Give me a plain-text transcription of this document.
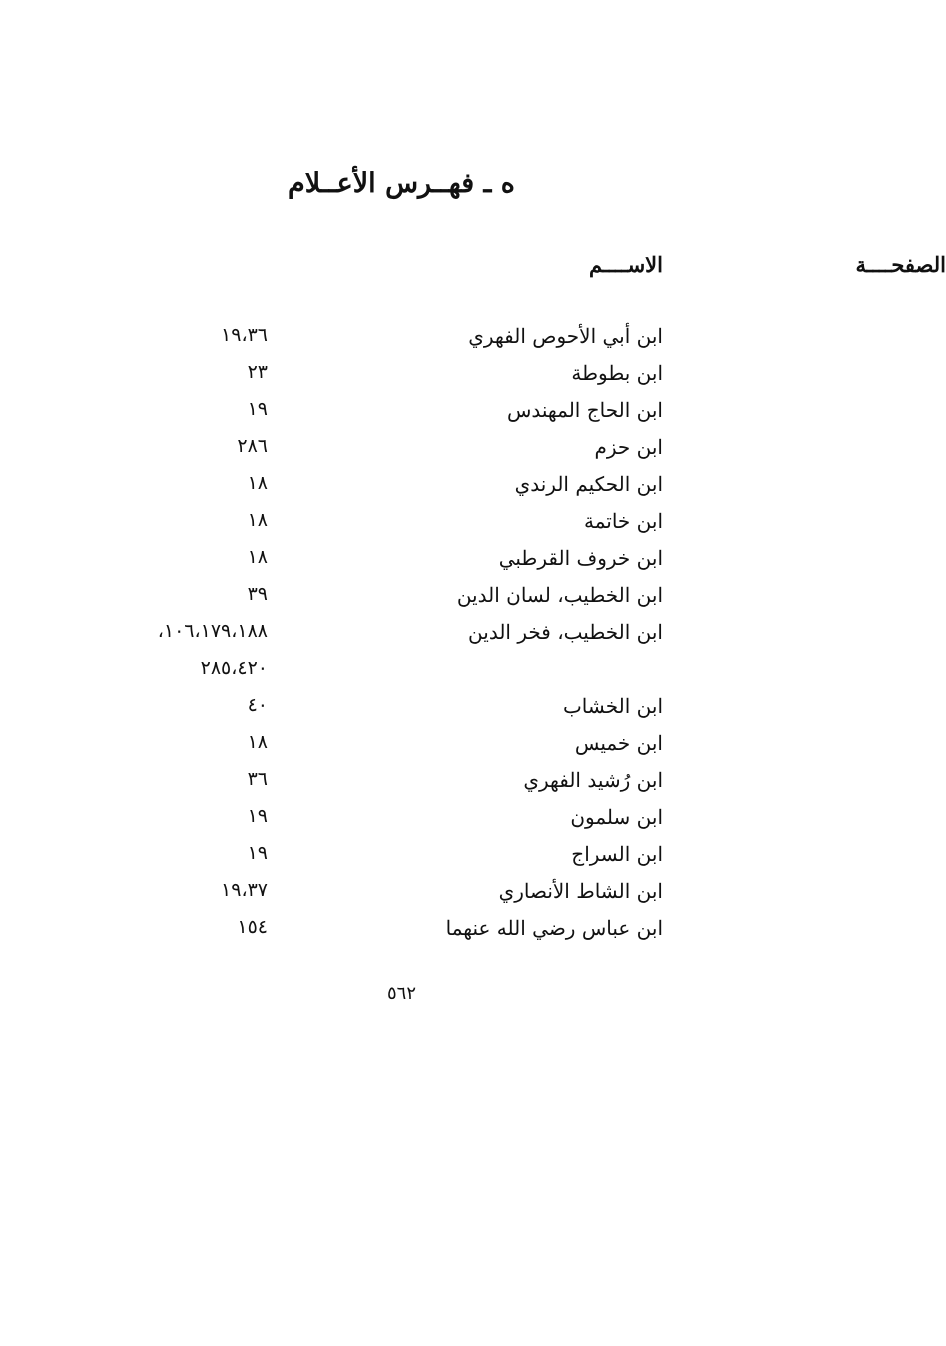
ه ـ فهــرس الأعــلام
الاســــم	الصفحــــة
ابن أبي الأحوص الفهري
١٩،٣٦
ابن بطوطة
٢٣
ابن الحاج المهندس
١٩
ابن حزم
٢٨٦
ابن الحكيم الرندي
١٨
ابن خاتمة
١٨
ابن خروف القرطبي
١٨
ابن الخطيب، لسان الدين
٣٩
ابن الخطيب، فخر الدين
١٠٦،١٧٩،١٨٨،
٢٨٥،٤٢٠
ابن الخشاب
٤٠
ابن خميس
١٨
ابن رُشيد الفهري
٣٦
ابن سلمون
١٩
ابن السراج
١٩
ابن الشاط الأنصاري
١٩،٣٧
ابن عباس رضي الله عنهما
١٥٤
٥٦٢
